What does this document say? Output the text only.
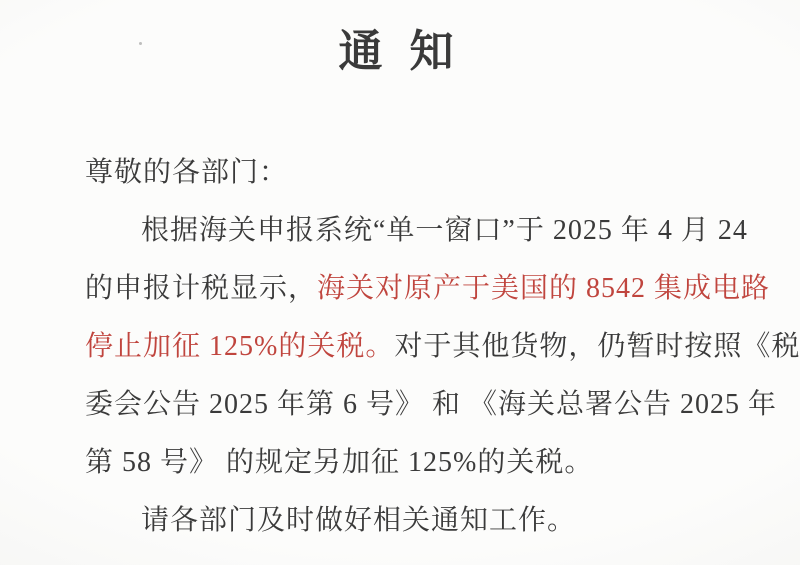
通 知
尊敬的各部门：
根据海关申报系统“单一窗口”于 2025 年 4 月 24
的申报计税显示，海关对原产于美国的 8542 集成电路
停止加征 125%的关税。对于其他货物，仍暂时按照《税
委会公告 2025 年第 6 号》 和 《海关总署公告 2025 年
第 58 号》 的规定另加征 125%的关税。
请各部门及时做好相关通知工作。
